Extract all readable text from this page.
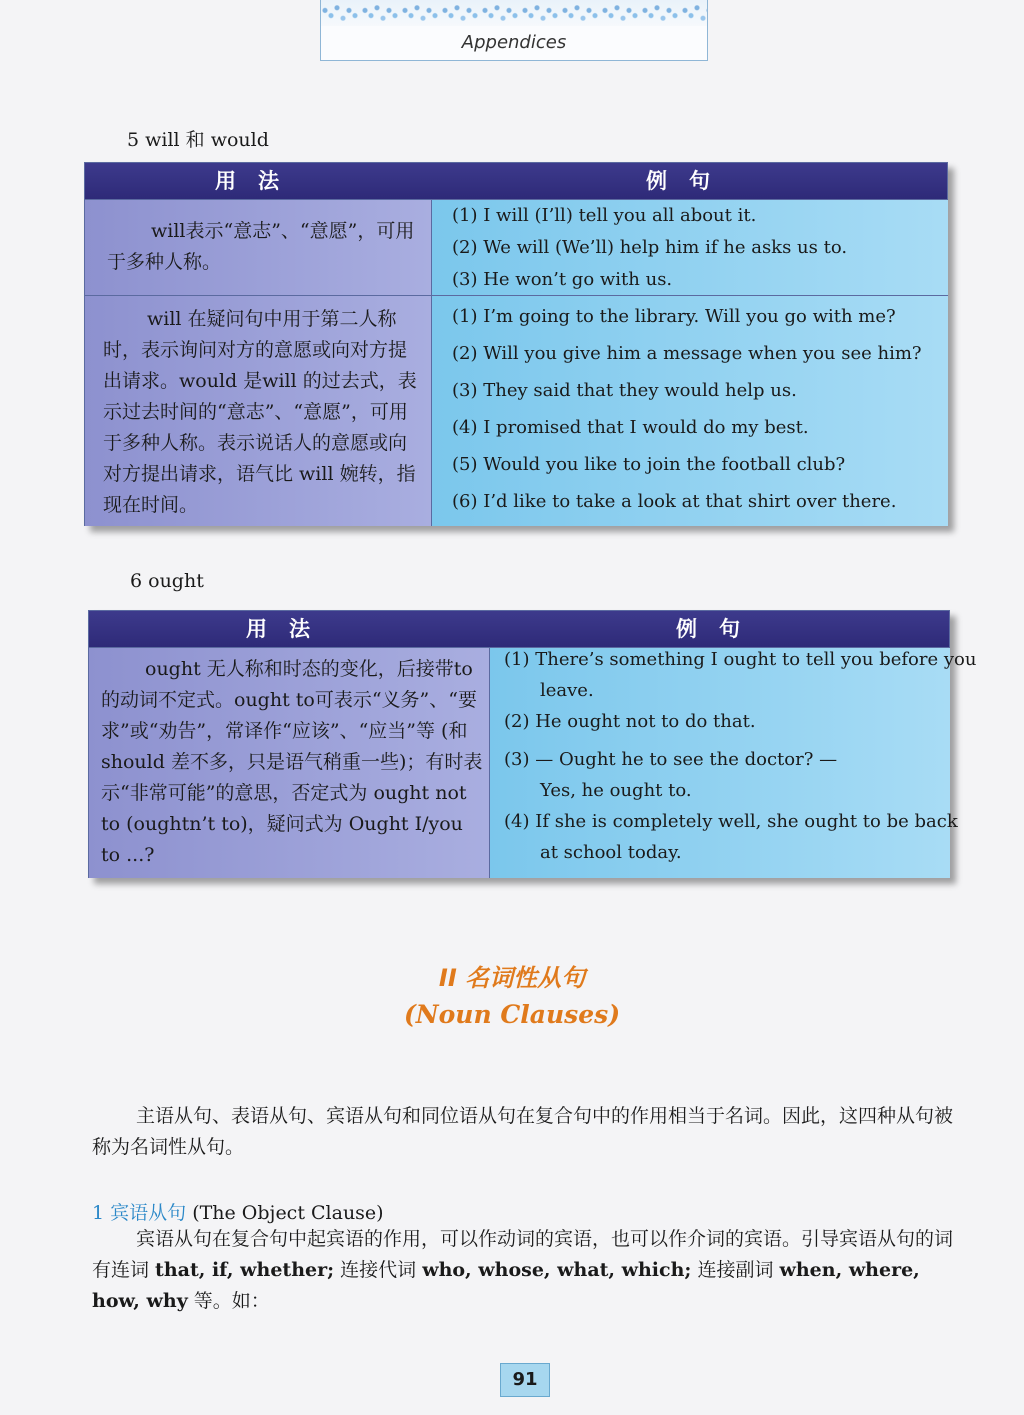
Appendices
5 will 和 would
用法	例句
will表示“意志”、“意愿”，可用于多种人称。
(1) I will (I’ll) tell you all about it.
(2) We will (We’ll) help him if he asks us to.
(3) He won’t go with us.
will 在疑问句中用于第二人称时，表示询问对方的意愿或向对方提出请求。would 是will 的过去式，表示过去时间的“意志”、“意愿”，可用于多种人称。表示说话人的意愿或向对方提出请求，语气比 will 婉转，指现在时间。
(1) I’m going to the library. Will you go with me?
(2) Will you give him a message when you see him?
(3) They said that they would help us.
(4) I promised that I would do my best.
(5) Would you like to join the football club?
(6) I’d like to take a look at that shirt over there.
6 ought
用法	例句
ought 无人称和时态的变化，后接带to的动词不定式。ought to可表示“义务”、“要求”或“劝告”，常译作“应该”、“应当”等 (和 should 差不多，只是语气稍重一些)；有时表示“非常可能”的意思，否定式为 ought not to (oughtn’t to)，疑问式为 Ought I/you to ...?
(1) There’s something I ought to tell you before you leave.
(2) He ought not to do that.
(3) — Ought he to see the doctor? — Yes, he ought to.
(4) If she is completely well, she ought to be back at school today.
II 名词性从句
(Noun Clauses)
主语从句、表语从句、宾语从句和同位语从句在复合句中的作用相当于名词。因此，这四种从句被称为名词性从句。
1 宾语从句 (The Object Clause)
宾语从句在复合句中起宾语的作用，可以作动词的宾语，也可以作介词的宾语。引导宾语从句的词有连词 that, if, whether; 连接代词 who, whose, what, which; 连接副词 when, where, how, why 等。如：
91
